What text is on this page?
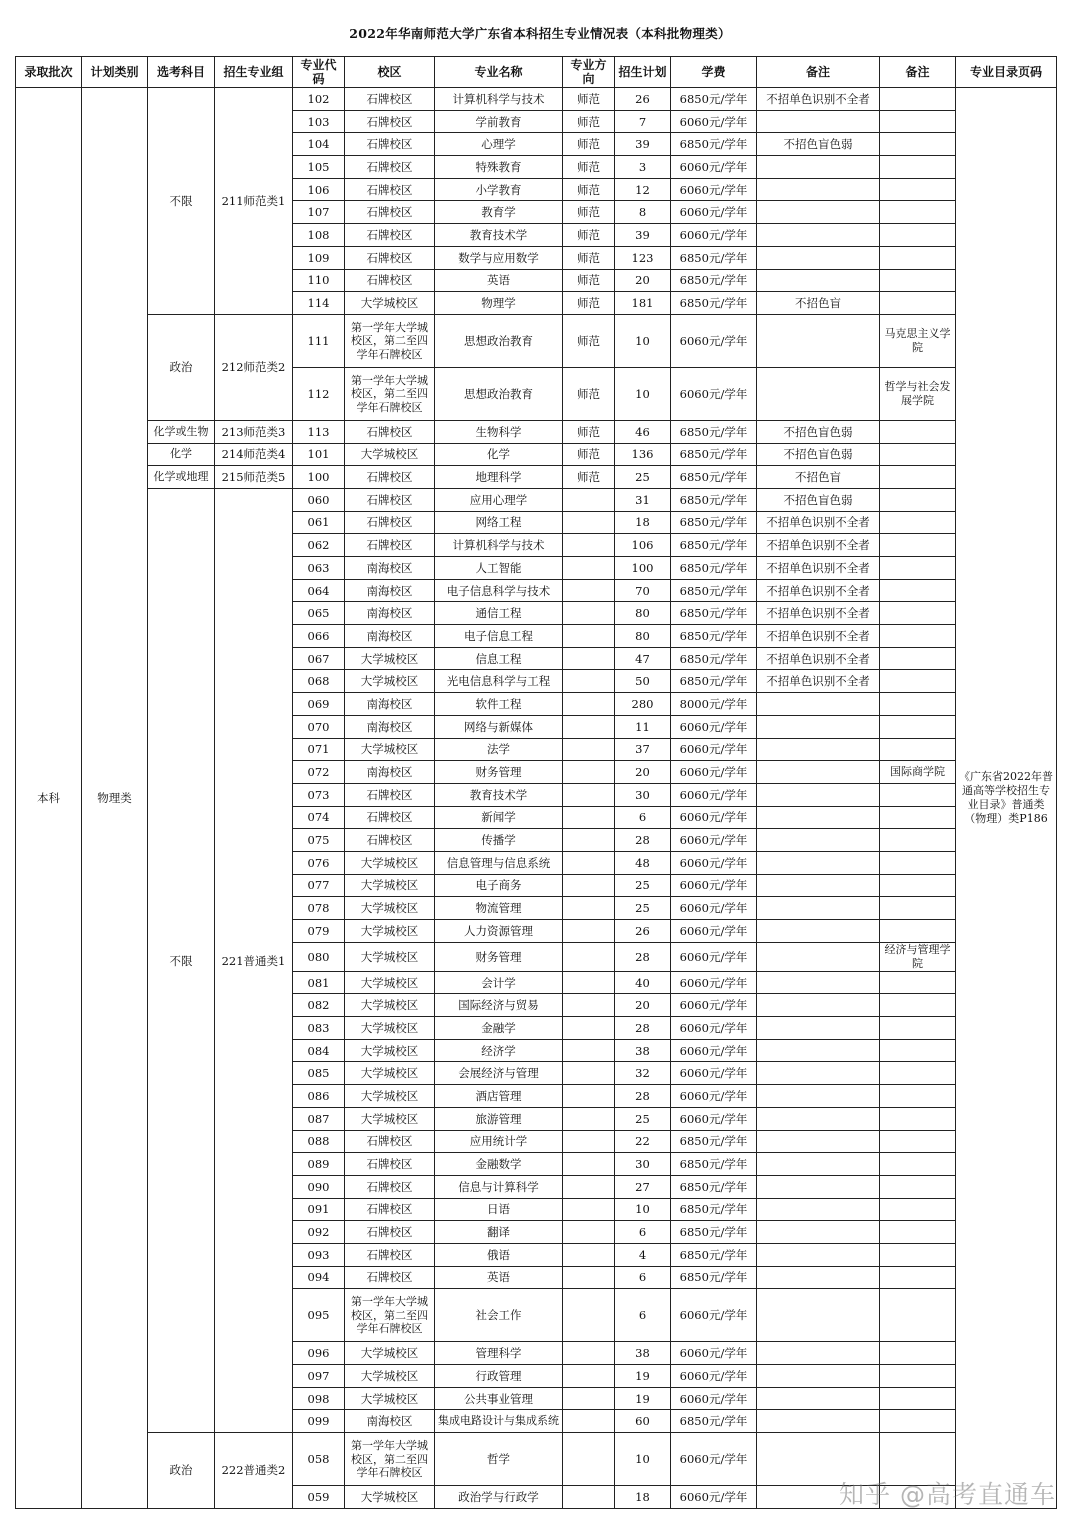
2022年华南师范大学广东省本科招生专业情况表（本科批物理类）
录取批次	计划类别	选考科目	招生专业组	专业代码	校区	专业名称	专业方向	招生计划	学费	备注	备注	专业目录页码
本科	物理类	不限	211师范类1	102	石牌校区	计算机科学与技术	师范	26	6850元/学年	不招单色识别不全者		《广东省2022年普通高等学校招生专业目录》普通类（物理）类P186

				103	石牌校区	学前教育	师范	7	6060元/学年			
				104	石牌校区	心理学	师范	39	6850元/学年	不招色盲色弱		
				105	石牌校区	特殊教育	师范	3	6060元/学年			
				106	石牌校区	小学教育	师范	12	6060元/学年			
				107	石牌校区	教育学	师范	8	6060元/学年			
				108	石牌校区	教育技术学	师范	39	6060元/学年			
				109	石牌校区	数学与应用数学	师范	123	6850元/学年			
				110	石牌校区	英语	师范	20	6850元/学年			
				114	大学城校区	物理学	师范	181	6850元/学年	不招色盲		
		政治	212师范类2	111	第一学年大学城校区，第二至四学年石牌校区	思想政治教育	师范	10	6060元/学年		马克思主义学院	

				112	第一学年大学城校区，第二至四学年石牌校区	思想政治教育	师范	10	6060元/学年		哲学与社会发展学院	

		化学或生物	213师范类3	113	石牌校区	生物科学	师范	46	6850元/学年	不招色盲色弱		
		化学	214师范类4	101	大学城校区	化学	师范	136	6850元/学年	不招色盲色弱		
		化学或地理	215师范类5	100	石牌校区	地理科学	师范	25	6850元/学年	不招色盲		
		不限	221普通类1	060	石牌校区	应用心理学		31	6850元/学年	不招色盲色弱		
				061	石牌校区	网络工程		18	6850元/学年	不招单色识别不全者		
				062	石牌校区	计算机科学与技术		106	6850元/学年	不招单色识别不全者		
				063	南海校区	人工智能		100	6850元/学年	不招单色识别不全者		
				064	南海校区	电子信息科学与技术		70	6850元/学年	不招单色识别不全者		
				065	南海校区	通信工程		80	6850元/学年	不招单色识别不全者		
				066	南海校区	电子信息工程		80	6850元/学年	不招单色识别不全者		
				067	大学城校区	信息工程		47	6850元/学年	不招单色识别不全者		
				068	大学城校区	光电信息科学与工程		50	6850元/学年	不招单色识别不全者		
				069	南海校区	软件工程		280	8000元/学年			
				070	南海校区	网络与新媒体		11	6060元/学年			
				071	大学城校区	法学		37	6060元/学年			
				072	南海校区	财务管理		20	6060元/学年		国际商学院	

				073	石牌校区	教育技术学		30	6060元/学年			
				074	石牌校区	新闻学		6	6060元/学年			
				075	石牌校区	传播学		28	6060元/学年			
				076	大学城校区	信息管理与信息系统		48	6060元/学年			
				077	大学城校区	电子商务		25	6060元/学年			
				078	大学城校区	物流管理		25	6060元/学年			
				079	大学城校区	人力资源管理		26	6060元/学年			
				080	大学城校区	财务管理		28	6060元/学年		经济与管理学院	

				081	大学城校区	会计学		40	6060元/学年			
				082	大学城校区	国际经济与贸易		20	6060元/学年			
				083	大学城校区	金融学		28	6060元/学年			
				084	大学城校区	经济学		38	6060元/学年			
				085	大学城校区	会展经济与管理		32	6060元/学年			
				086	大学城校区	酒店管理		28	6060元/学年			
				087	大学城校区	旅游管理		25	6060元/学年			
				088	石牌校区	应用统计学		22	6850元/学年			
				089	石牌校区	金融数学		30	6850元/学年			
				090	石牌校区	信息与计算科学		27	6850元/学年			
				091	石牌校区	日语		10	6850元/学年			
				092	石牌校区	翻译		6	6850元/学年			
				093	石牌校区	俄语		4	6850元/学年			
				094	石牌校区	英语		6	6850元/学年			
				095	第一学年大学城校区，第二至四学年石牌校区	社会工作		6	6060元/学年			
				096	大学城校区	管理科学		38	6060元/学年			
				097	大学城校区	行政管理		19	6060元/学年			
				098	大学城校区	公共事业管理		19	6060元/学年			
				099	南海校区	集成电路设计与集成系统		60	6850元/学年			
		政治	222普通类2	058	第一学年大学城校区，第二至四学年石牌校区	哲学		10	6060元/学年			
				059	大学城校区	政治学与行政学		18	6060元/学年				知乎 @高考直通车
